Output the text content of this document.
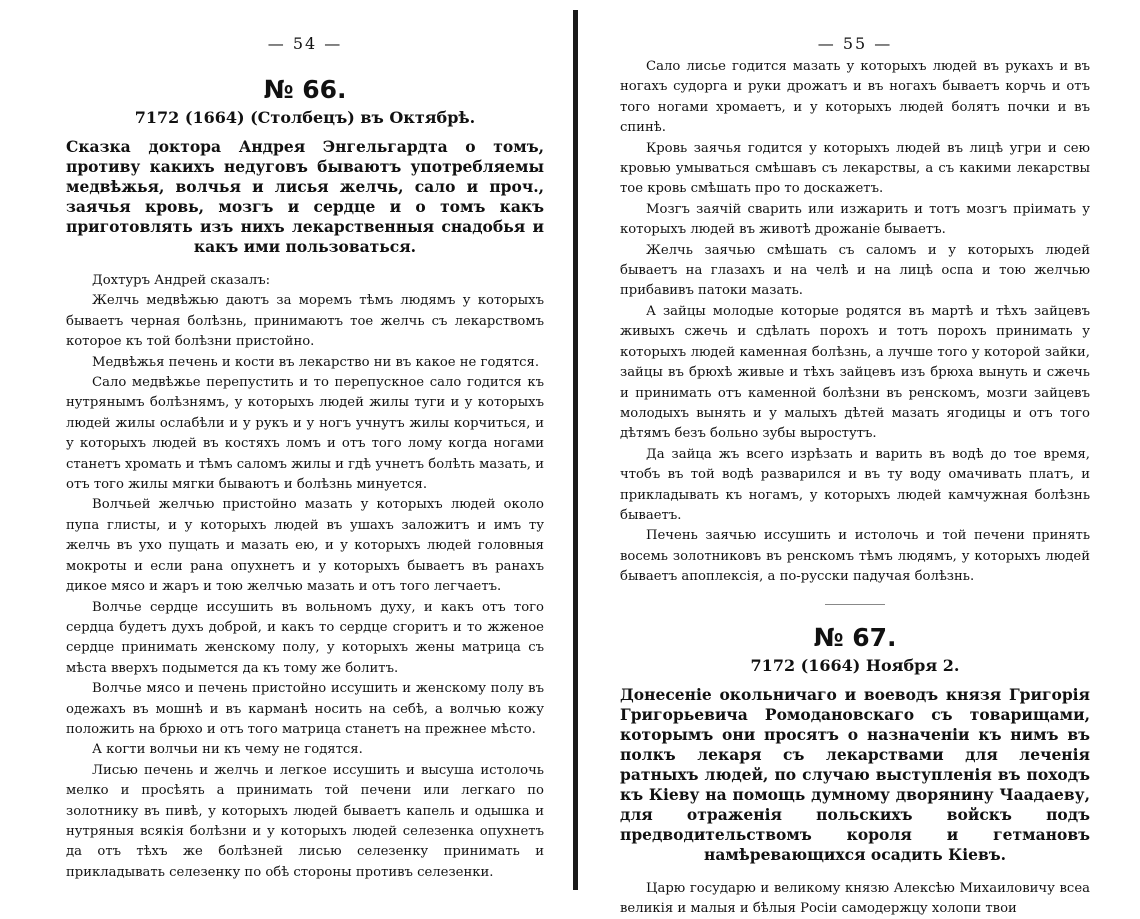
— 54 —
№ 66.
7172 (1664) (Столбецъ) въ Октябрѣ.
Сказка доктора Андрея Энгельгардта о томъ, противу какихъ недуговъ бываютъ употребляемы медвѣжья, волчья и лисья желчь, сало и проч., заячья кровь, мозгъ и сердце и о томъ какъ приготовлять изъ нихъ лекарственныя снадобья и какъ ими пользоваться.
Дохтуръ Андрей сказалъ:

Желчь медвѣжью даютъ за моремъ тѣмъ людямъ у которыхъ бываетъ черная болѣзнь, принимаютъ тое желчь съ лекарствомъ которое къ той болѣзни пристойно.

Медвѣжья печень и кости въ лекарство ни въ какое не годятся.

Сало медвѣжье перепустить и то перепускное сало годится къ нутрянымъ болѣзнямъ, у которыхъ людей жилы туги и у которыхъ людей жилы ослабѣли и у рукъ и у ногъ учнутъ жилы корчиться, и у которыхъ людей въ костяхъ ломъ и отъ того лому когда ногами станетъ хромать и тѣмъ саломъ жилы и гдѣ учнетъ болѣть мазать, и отъ того жилы мягки бываютъ и болѣзнь минуется.

Волчьей желчью пристойно мазать у которыхъ людей около пупа глисты, и у которыхъ людей въ ушахъ заложитъ и имъ ту желчь въ ухо пущать и мазать ею, и у которыхъ людей головныя мокроты и если рана опухнетъ и у которыхъ бываетъ въ ранахъ дикое мясо и жаръ и тою желчью мазать и отъ того легчаетъ.

Волчье сердце иссушить въ вольномъ духу, и какъ отъ того сердца будетъ духъ доброй, и какъ то сердце сгоритъ и то жженое сердце принимать женскому полу, у которыхъ жены матрица съ мѣста вверхъ подымется да къ тому же болитъ.

Волчье мясо и печень пристойно иссушить и женскому полу въ одежахъ въ мошнѣ и въ карманѣ носить на себѣ, а волчью кожу положить на брюхо и отъ того матрица станетъ на прежнее мѣсто.

А когти волчьи ни къ чему не годятся.

Лисью печень и желчь и легкое иссушить и высушa истолочь мелко и просѣять а принимать той печени или легкаго по золотнику въ пивѣ, у которыхъ людей бываетъ капель и одышка и нутряныя всякія болѣзни и у которыхъ людей селезенка опухнетъ да отъ тѣхъ же болѣзней лисью селезенку принимать и прикладывать селезенку по обѣ стороны противъ селезенки.

— 55 —

Сало лисье годится мазать у которыхъ людей въ рукахъ и въ ногахъ судорга и руки дрожатъ и въ ногахъ бываетъ корчь и отъ того ногами хромаетъ, и у которыхъ людей болятъ почки и въ спинѣ.

Кровь заячья годится у которыхъ людей въ лицѣ угри и сею кровью умываться смѣшавъ съ лекарствы, а съ какими лекарствы тое кровь смѣшать про то доскажетъ.

Мозгъ заячій сварить или изжарить и тотъ мозгъ пріимать у которыхъ людей въ животѣ дрожаніе бываетъ.

Желчь заячью смѣшать съ саломъ и у которыхъ людей бываетъ на глазахъ и на челѣ и на лицѣ оспа и тою желчью прибавивъ патоки мазать.

А зайцы молодые которые родятся въ мартѣ и тѣхъ зайцевъ живыхъ сжечь и сдѣлать порохъ и тотъ порохъ принимать у которыхъ людей каменная болѣзнь, а лучше того у которой зайки, зайцы въ брюхѣ живые и тѣхъ зайцевъ изъ брюха вынуть и сжечь и принимать отъ каменной болѣзни въ ренскомъ, мозги зайцевъ молодыхъ вынять и у малыхъ дѣтей мазать ягодицы и отъ того дѣтямъ безъ больно зубы выростутъ.

Да зайца жъ всего изрѣзать и варить въ водѣ до тое время, чтобъ въ той водѣ разварился и въ ту воду омачивать платъ, и прикладывать къ ногамъ, у которыхъ людей камчужная болѣзнь бываетъ.

Печень заячью иссушить и истолочь и той печени принять восемь золотниковъ въ ренскомъ тѣмъ людямъ, у которыхъ людей бываетъ апоплексія, а по-русски падучая болѣзнь.

№ 67.
7172 (1664) Ноября 2.
Донесеніе окольничаго и воеводъ князя Григорія Григорьевича Ромодановскаго съ товарищами, которымъ они просятъ о назначеніи къ нимъ въ полкъ лекаря съ лекарствами для леченія ратныхъ людей, по случаю выступленія въ походъ къ Кіеву на помощь думному дворянину Чаадаеву, для отраженія польскихъ войскъ подъ предводительствомъ короля и гетмановъ намѣревающихся осадить Кіевъ.

Царю государю и великому князю Алексѣю Михаиловичу всеа великія и малыя и бѣлыя Росіи самодержцу холопи твои
